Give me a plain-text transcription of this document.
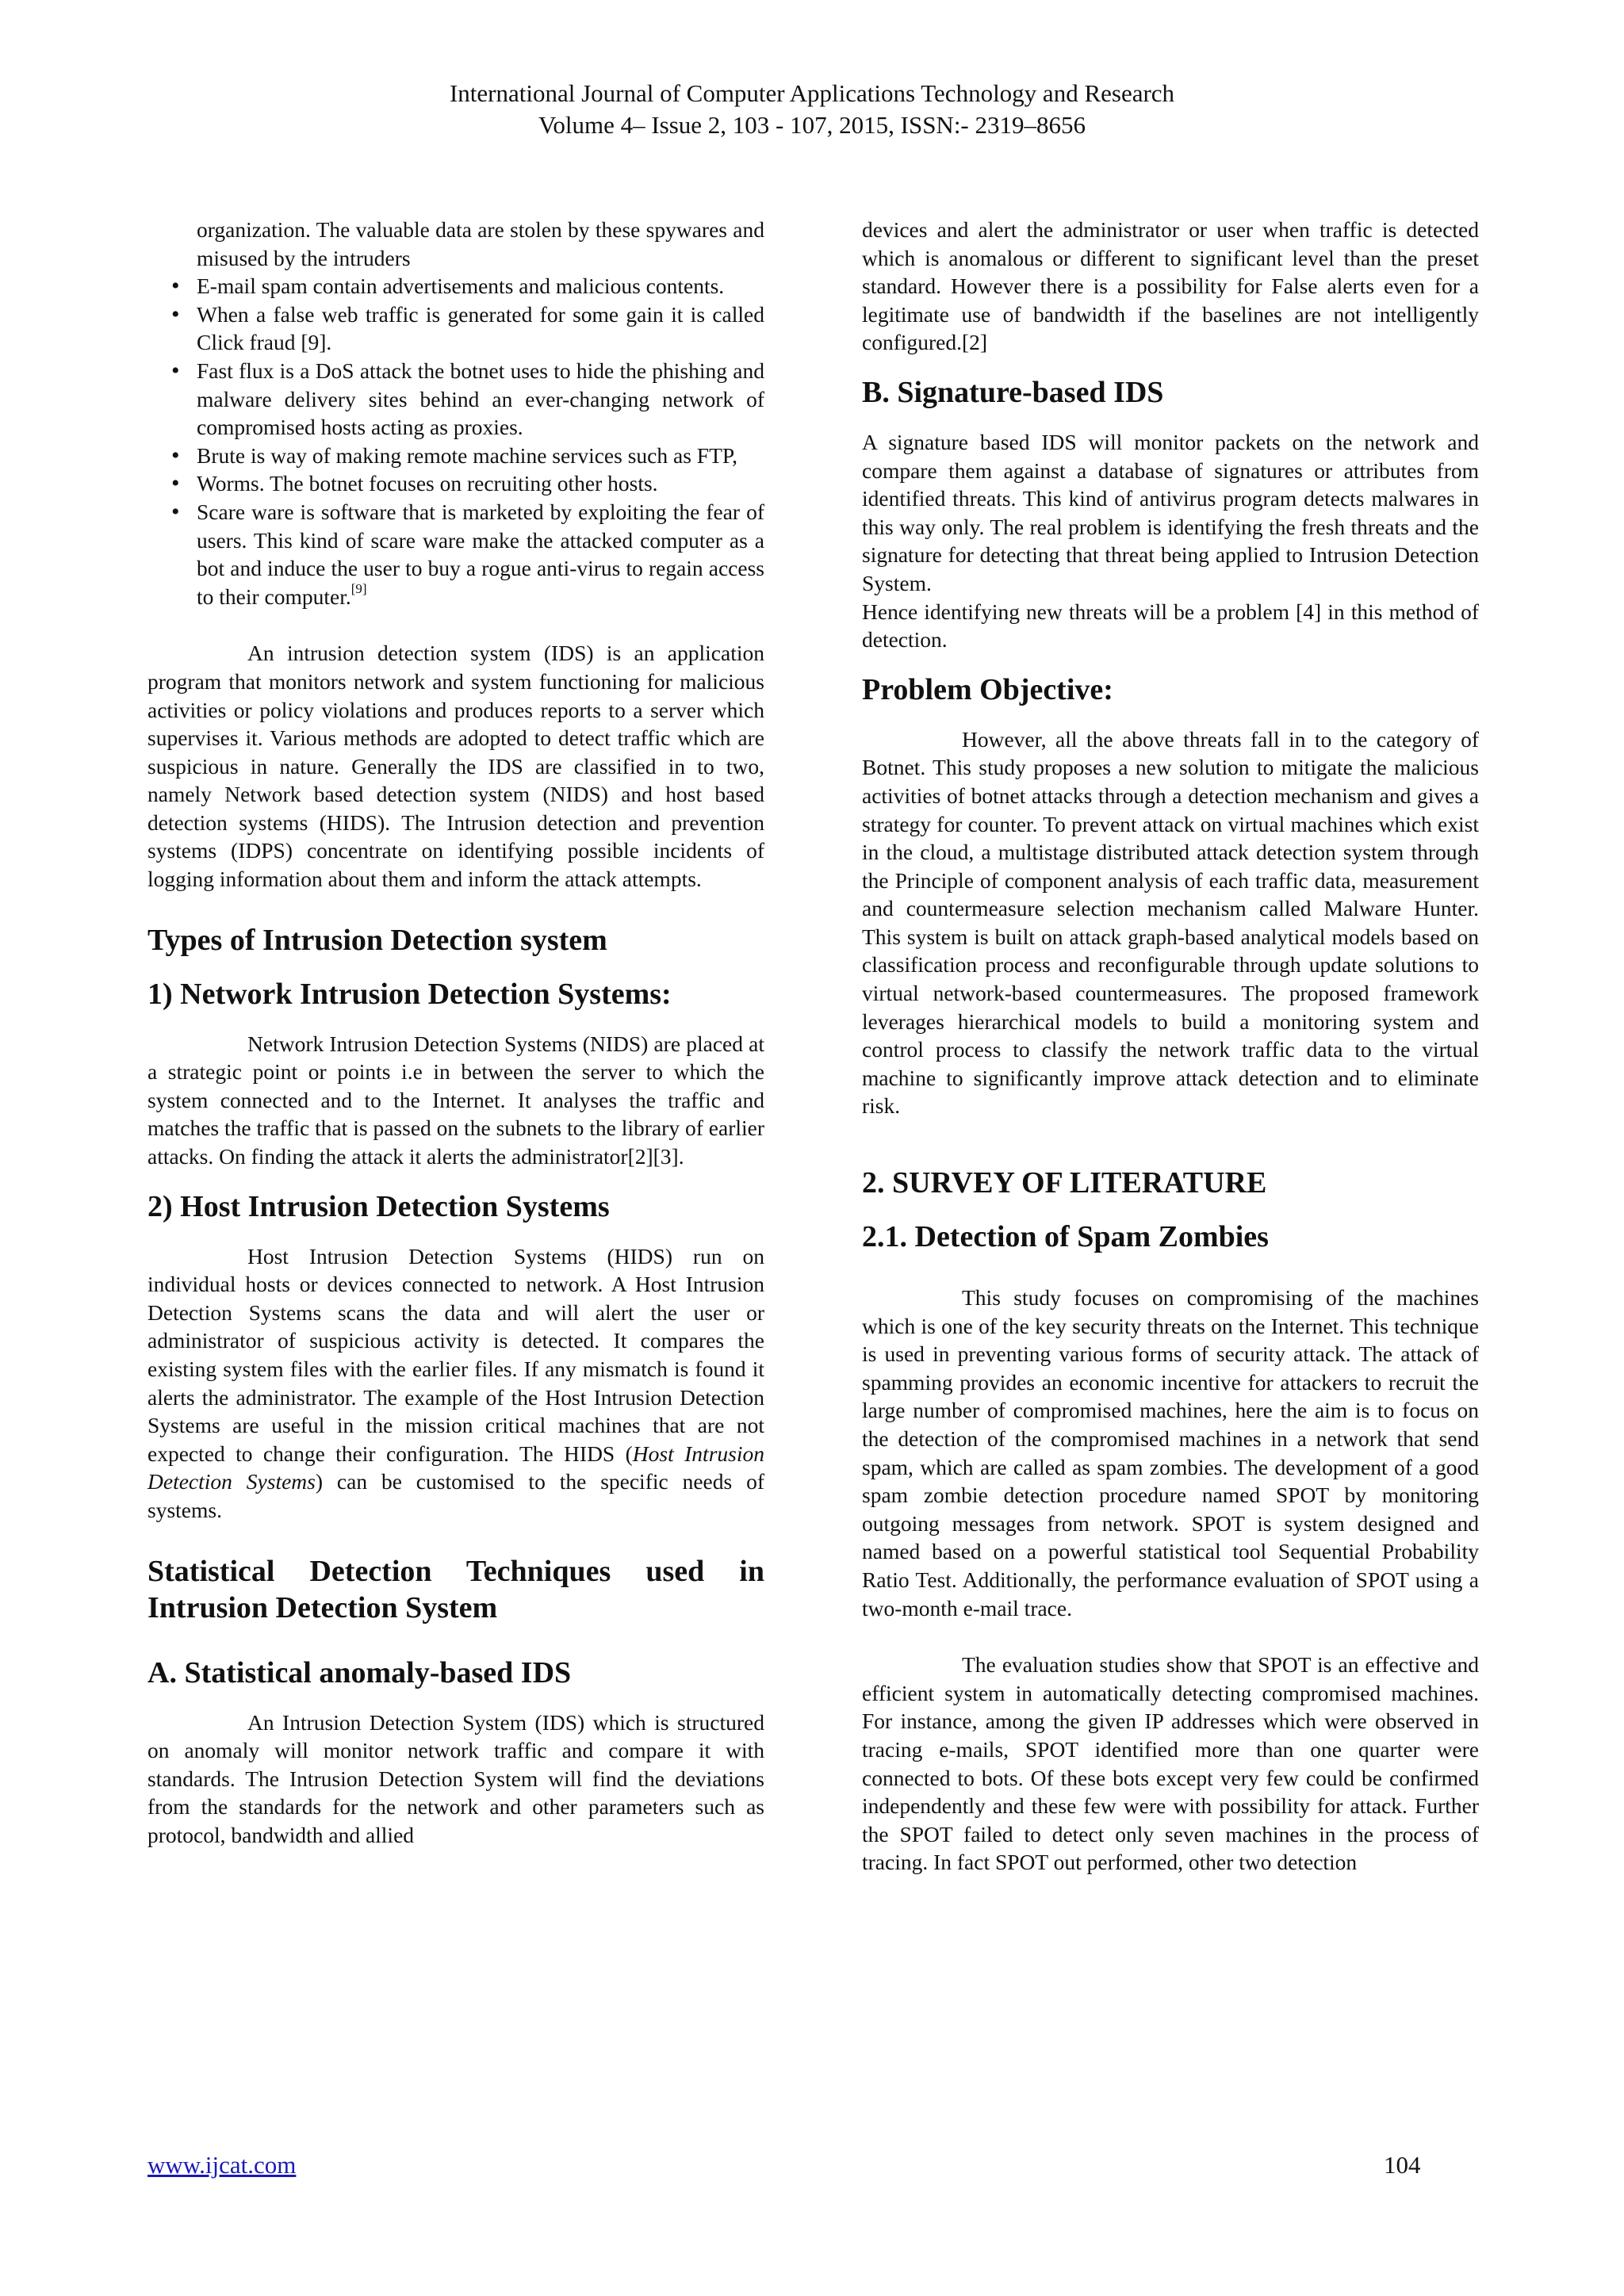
International Journal of Computer Applications Technology and Research
Volume 4– Issue 2, 103 - 107, 2015, ISSN:- 2319–8656

organization. The valuable data are stolen by these spywares and misused by the intruders

• E-mail spam contain advertisements and malicious contents.
• When a false web traffic is generated for some gain it is called Click fraud [9].
• Fast flux is a DoS attack the botnet uses to hide the phishing and malware delivery sites behind an ever-changing network of compromised hosts acting as proxies.
• Brute is way of making remote machine services such as FTP,
• Worms. The botnet focuses on recruiting other hosts.
• Scare ware is software that is marketed by exploiting the fear of users. This kind of scare ware make the attacked computer as a bot and induce the user to buy a rogue anti-virus to regain access to their computer.[9]

An intrusion detection system (IDS) is an application program that monitors network and system functioning for malicious activities or policy violations and produces reports to a server which supervises it. Various methods are adopted to detect traffic which are suspicious in nature. Generally the IDS are classified in to two, namely Network based detection system (NIDS) and host based detection systems (HIDS). The Intrusion detection and prevention systems (IDPS) concentrate on identifying possible incidents of logging information about them and inform the attack attempts.

Types of Intrusion Detection system
1) Network Intrusion Detection Systems:

Network Intrusion Detection Systems (NIDS) are placed at a strategic point or points i.e in between the server to which the system connected and to the Internet. It analyses the traffic and matches the traffic that is passed on the subnets to the library of earlier attacks. On finding the attack it alerts the administrator[2][3].

2) Host Intrusion Detection Systems

Host Intrusion Detection Systems (HIDS) run on individual hosts or devices connected to network. A Host Intrusion Detection Systems scans the data and will alert the user or administrator of suspicious activity is detected. It compares the existing system files with the earlier files. If any mismatch is found it alerts the administrator. The example of the Host Intrusion Detection Systems are useful in the mission critical machines that are not expected to change their configuration. The HIDS (Host Intrusion Detection Systems) can be customised to the specific needs of systems.

Statistical Detection Techniques used in Intrusion Detection System
A. Statistical anomaly-based IDS

An Intrusion Detection System (IDS) which is structured on anomaly will monitor network traffic and compare it with standards. The Intrusion Detection System will find the deviations from the standards for the network and other parameters such as protocol, bandwidth and allied

devices and alert the administrator or user when traffic is detected which is anomalous or different to significant level than the preset standard. However there is a possibility for False alerts even for a legitimate use of bandwidth if the baselines are not intelligently configured.[2]

B. Signature-based IDS

A signature based IDS will monitor packets on the network and compare them against a database of signatures or attributes from identified threats. This kind of antivirus program detects malwares in this way only. The real problem is identifying the fresh threats and the signature for detecting that threat being applied to Intrusion Detection System.

Hence identifying new threats will be a problem [4] in this method of detection.

Problem Objective:

However, all the above threats fall in to the category of Botnet. This study proposes a new solution to mitigate the malicious activities of botnet attacks through a detection mechanism and gives a strategy for counter. To prevent attack on virtual machines which exist in the cloud, a multistage distributed attack detection system through the Principle of component analysis of each traffic data, measurement and countermeasure selection mechanism called Malware Hunter. This system is built on attack graph-based analytical models based on classification process and reconfigurable through update solutions to virtual network-based countermeasures. The proposed framework leverages hierarchical models to build a monitoring system and control process to classify the network traffic data to the virtual machine to significantly improve attack detection and to eliminate risk.

2. SURVEY OF LITERATURE
2.1. Detection of Spam Zombies

This study focuses on compromising of the machines which is one of the key security threats on the Internet. This technique is used in preventing various forms of security attack. The attack of spamming provides an economic incentive for attackers to recruit the large number of compromised machines, here the aim is to focus on the detection of the compromised machines in a network that send spam, which are called as spam zombies. The development of a good spam zombie detection procedure named SPOT by monitoring outgoing messages from network. SPOT is system designed and named based on a powerful statistical tool Sequential Probability Ratio Test. Additionally, the performance evaluation of SPOT using a two-month e-mail trace.

The evaluation studies show that SPOT is an effective and efficient system in automatically detecting compromised machines. For instance, among the given IP addresses which were observed in tracing e-mails, SPOT identified more than one quarter were connected to bots. Of these bots except very few could be confirmed independently and these few were with possibility for attack. Further the SPOT failed to detect only seven machines in the process of tracing. In fact SPOT out performed, other two detection

www.ijcat.com	104
